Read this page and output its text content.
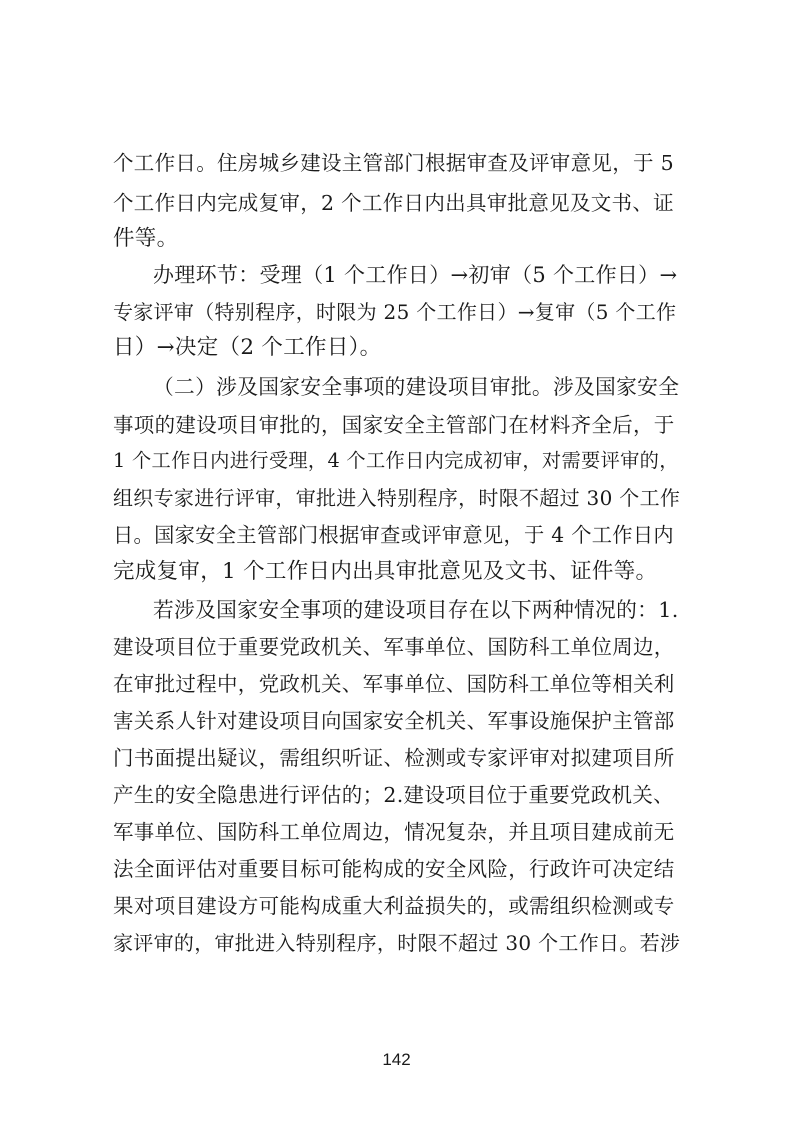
个工作日。住房城乡建设主管部门根据审查及评审意见，于 5
个工作日内完成复审，2 个工作日内出具审批意见及文书、证
件等。
办理环节：受理（1 个工作日）→初审（5 个工作日）→
专家评审（特别程序，时限为 25 个工作日）→复审（5 个工作
日）→决定（2 个工作日）。
（二）涉及国家安全事项的建设项目审批。涉及国家安全
事项的建设项目审批的，国家安全主管部门在材料齐全后，于
1 个工作日内进行受理，4 个工作日内完成初审，对需要评审的，
组织专家进行评审，审批进入特别程序，时限不超过 30 个工作
日。国家安全主管部门根据审查或评审意见，于 4 个工作日内
完成复审，1 个工作日内出具审批意见及文书、证件等。
若涉及国家安全事项的建设项目存在以下两种情况的：1.
建设项目位于重要党政机关、军事单位、国防科工单位周边，
在审批过程中，党政机关、军事单位、国防科工单位等相关利
害关系人针对建设项目向国家安全机关、军事设施保护主管部
门书面提出疑议，需组织听证、检测或专家评审对拟建项目所
产生的安全隐患进行评估的；2.建设项目位于重要党政机关、
军事单位、国防科工单位周边，情况复杂，并且项目建成前无
法全面评估对重要目标可能构成的安全风险，行政许可决定结
果对项目建设方可能构成重大利益损失的，或需组织检测或专
家评审的，审批进入特别程序，时限不超过 30 个工作日。若涉
142
